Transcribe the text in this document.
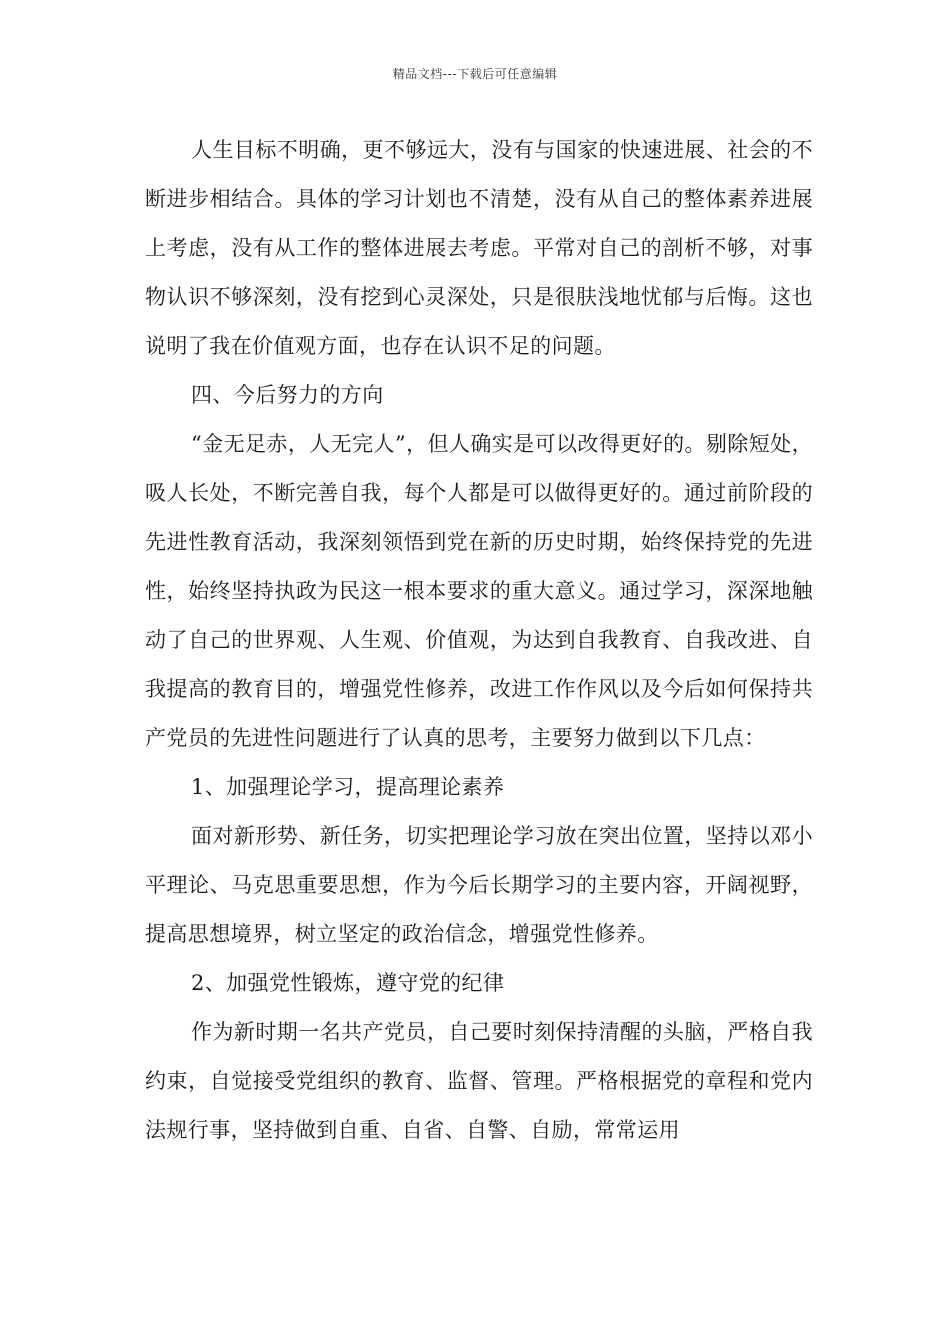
精品文档---下载后可任意编辑

人生目标不明确，更不够远大，没有与国家的快速进展、社会的不断进步相结合。具体的学习计划也不清楚，没有从自己的整体素养进展上考虑，没有从工作的整体进展去考虑。平常对自己的剖析不够，对事物认识不够深刻，没有挖到心灵深处，只是很肤浅地忧郁与后悔。这也说明了我在价值观方面，也存在认识不足的问题。

四、今后努力的方向

“金无足赤，人无完人”，但人确实是可以改得更好的。剔除短处，吸人长处，不断完善自我，每个人都是可以做得更好的。通过前阶段的先进性教育活动，我深刻领悟到党在新的历史时期，始终保持党的先进性，始终坚持执政为民这一根本要求的重大意义。通过学习，深深地触动了自己的世界观、人生观、价值观，为达到自我教育、自我改进、自我提高的教育目的，增强党性修养，改进工作作风以及今后如何保持共产党员的先进性问题进行了认真的思考，主要努力做到以下几点：

1、加强理论学习，提高理论素养

面对新形势、新任务，切实把理论学习放在突出位置，坚持以邓小平理论、马克思重要思想，作为今后长期学习的主要内容，开阔视野，提高思想境界，树立坚定的政治信念，增强党性修养。

2、加强党性锻炼，遵守党的纪律

作为新时期一名共产党员，自己要时刻保持清醒的头脑，严格自我约束，自觉接受党组织的教育、监督、管理。严格根据党的章程和党内法规行事，坚持做到自重、自省、自警、自励，常常运用
